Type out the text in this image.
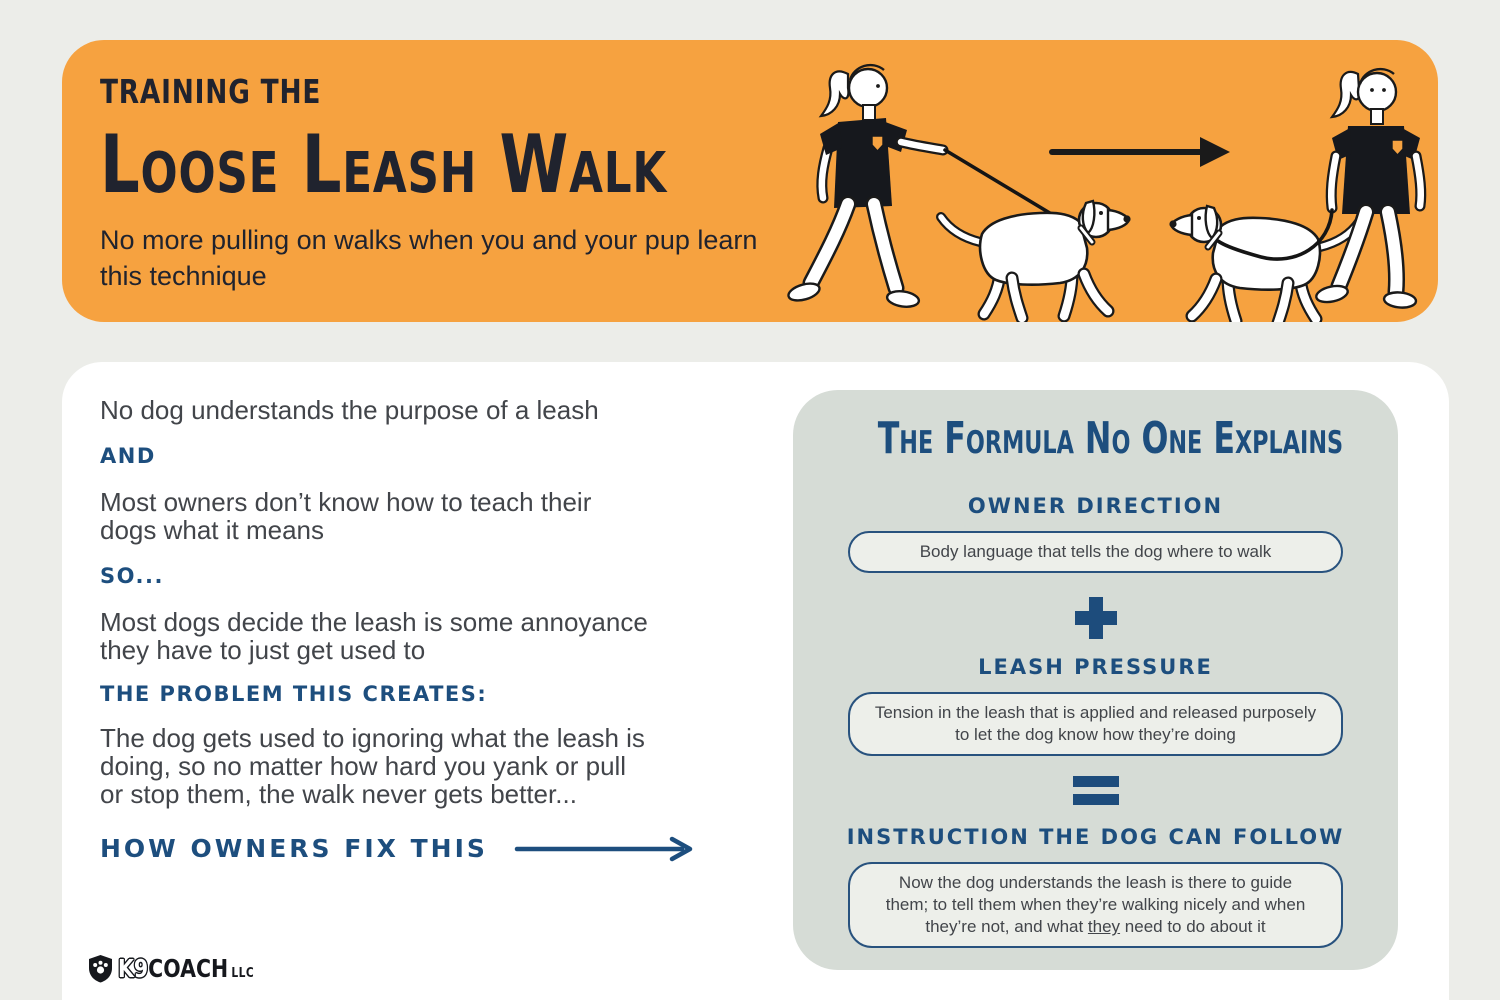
TRAINING THE
Loose Leash Walk
No more pulling on walks when you and your pup learn
this technique
No dog understands the purpose of a leash
AND
Most owners don’t know how to teach their
dogs what it means
SO...
Most dogs decide the leash is some annoyance
they have to just get used to
THE PROBLEM THIS CREATES:
The dog gets used to ignoring what the leash is
doing, so no matter how hard you yank or pull
or stop them, the walk never gets better...
HOW OWNERS FIX THIS
K9 COACH LLC
The Formula No One Explains
OWNER DIRECTION
Body language that tells the dog where to walk
LEASH PRESSURE
Tension in the leash that is applied and released purposely
to let the dog know how they’re doing
INSTRUCTION THE DOG CAN FOLLOW
Now the dog understands the leash is there to guide
them; to tell them when they’re walking nicely and when
they’re not, and what they need to do about it
